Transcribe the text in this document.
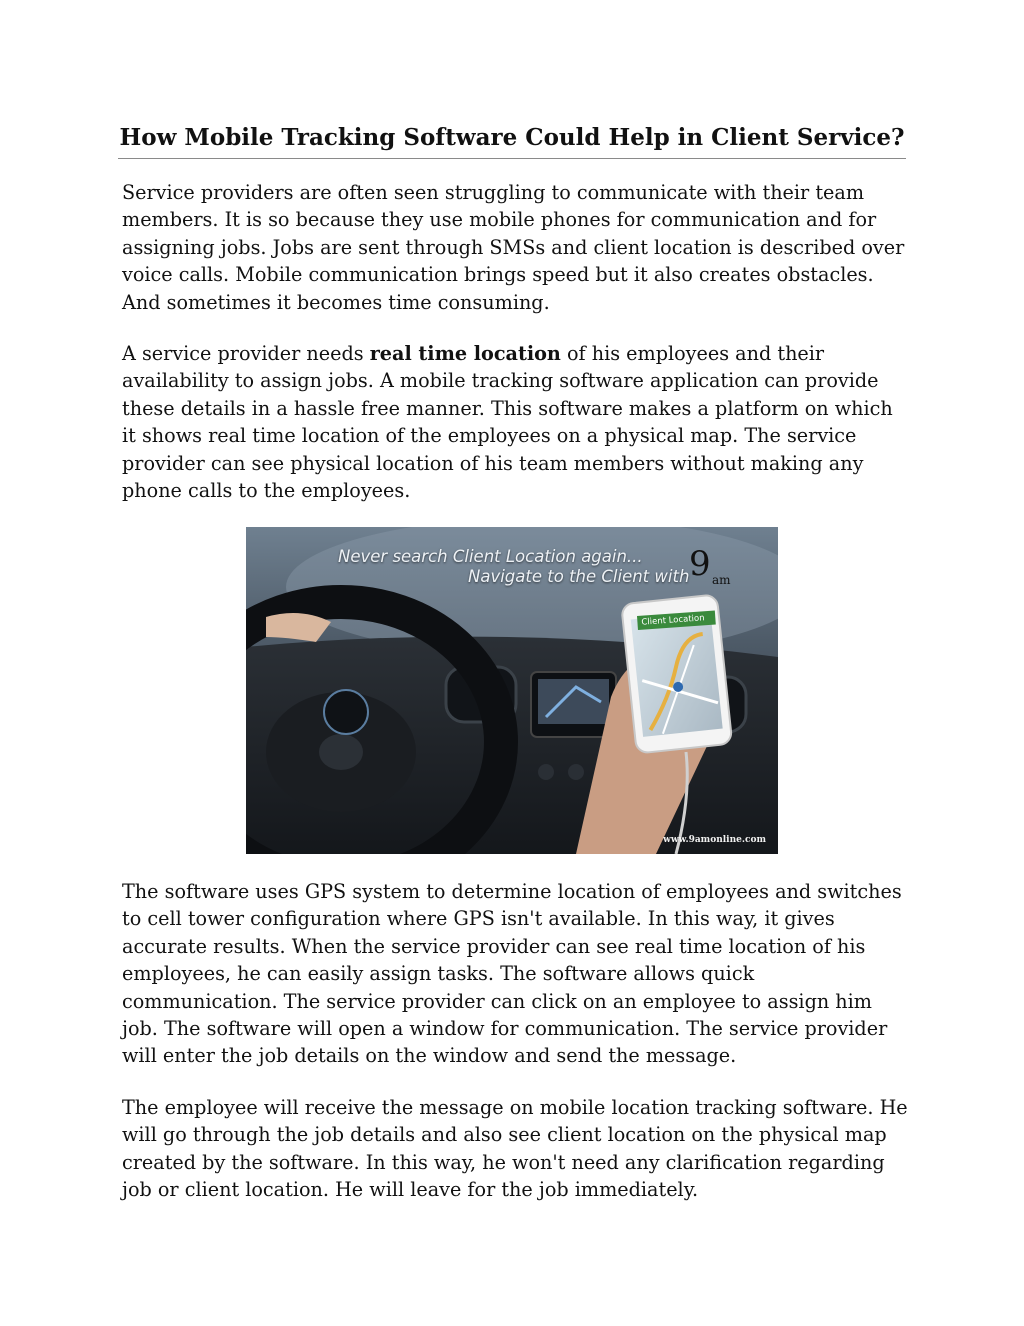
How Mobile Tracking Software Could Help in Client Service?
Service providers are often seen struggling to communicate with their team members. It is so because they use mobile phones for communication and for assigning jobs. Jobs are sent through SMSs and client location is described over voice calls. Mobile communication brings speed but it also creates obstacles. And sometimes it becomes time consuming.
A service provider needs real time location of his employees and their availability to assign jobs. A mobile tracking software application can provide these details in a hassle free manner. This software makes a platform on which it shows real time location of the employees on a physical map. The service provider can see physical location of his team members without making any phone calls to the employees.
Never search Client Location again...
Navigate to the Client with 9 am
Client Location
www.9amonline.com
The software uses GPS system to determine location of employees and switches to cell tower configuration where GPS isn't available. In this way, it gives accurate results. When the service provider can see real time location of his employees, he can easily assign tasks. The software allows quick communication. The service provider can click on an employee to assign him job. The software will open a window for communication. The service provider will enter the job details on the window and send the message.
The employee will receive the message on mobile location tracking software. He will go through the job details and also see client location on the physical map created by the software. In this way, he won't need any clarification regarding job or client location. He will leave for the job immediately.
